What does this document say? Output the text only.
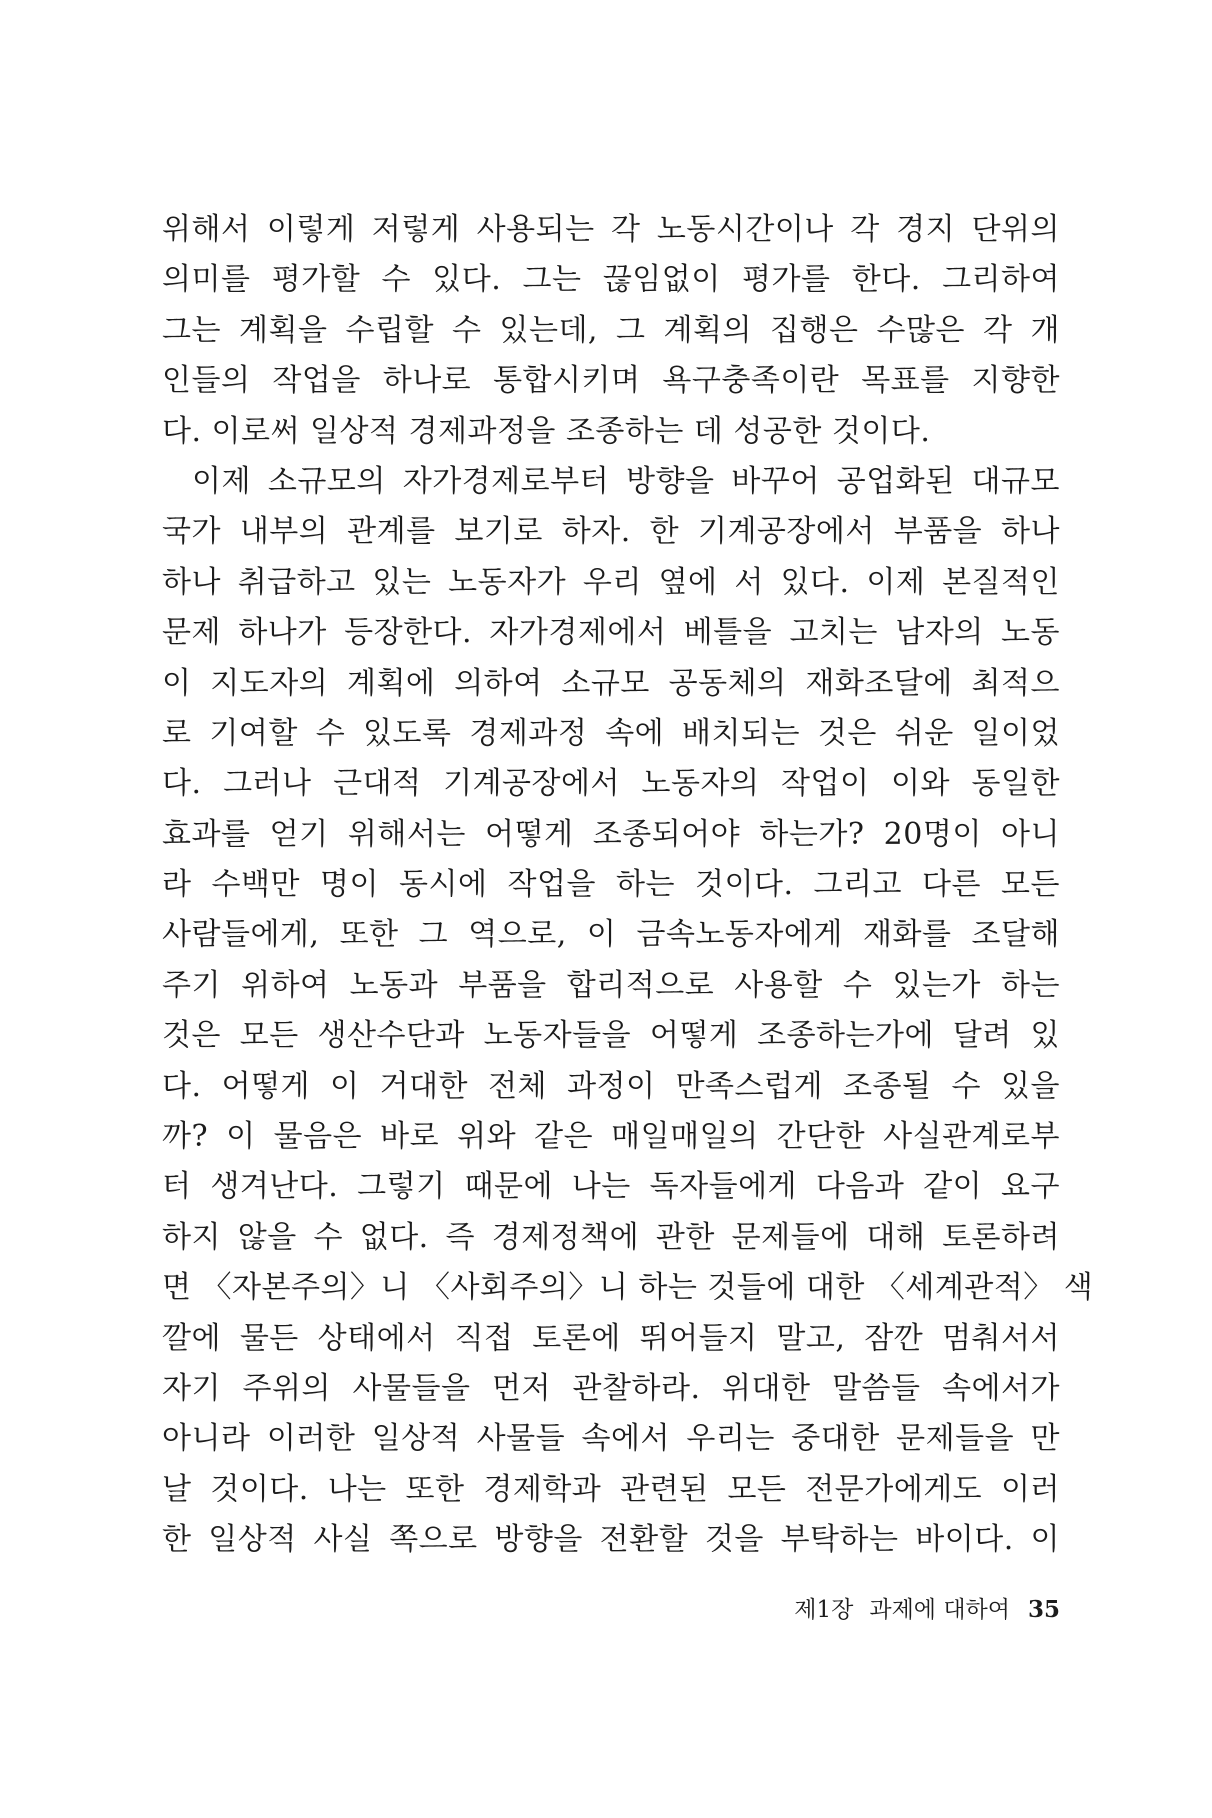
위해서 이렇게 저렇게 사용되는 각 노동시간이나 각 경지 단위의
의미를 평가할 수 있다. 그는 끊임없이 평가를 한다. 그리하여
그는 계획을 수립할 수 있는데, 그 계획의 집행은 수많은 각 개
인들의 작업을 하나로 통합시키며 욕구충족이란 목표를 지향한
다. 이로써 일상적 경제과정을 조종하는 데 성공한 것이다.
이제 소규모의 자가경제로부터 방향을 바꾸어 공업화된 대규모
국가 내부의 관계를 보기로 하자. 한 기계공장에서 부품을 하나
하나 취급하고 있는 노동자가 우리 옆에 서 있다. 이제 본질적인
문제 하나가 등장한다. 자가경제에서 베틀을 고치는 남자의 노동
이 지도자의 계획에 의하여 소규모 공동체의 재화조달에 최적으
로 기여할 수 있도록 경제과정 속에 배치되는 것은 쉬운 일이었
다. 그러나 근대적 기계공장에서 노동자의 작업이 이와 동일한
효과를 얻기 위해서는 어떻게 조종되어야 하는가? 20명이 아니
라 수백만 명이 동시에 작업을 하는 것이다. 그리고 다른 모든
사람들에게, 또한 그 역으로, 이 금속노동자에게 재화를 조달해
주기 위하여 노동과 부품을 합리적으로 사용할 수 있는가 하는
것은 모든 생산수단과 노동자들을 어떻게 조종하는가에 달려 있
다. 어떻게 이 거대한 전체 과정이 만족스럽게 조종될 수 있을
까? 이 물음은 바로 위와 같은 매일매일의 간단한 사실관계로부
터 생겨난다. 그렇기 때문에 나는 독자들에게 다음과 같이 요구
하지 않을 수 없다. 즉 경제정책에 관한 문제들에 대해 토론하려
면 〈자본주의〉니 〈사회주의〉니 하는 것들에 대한 〈세계관적〉 색
깔에 물든 상태에서 직접 토론에 뛰어들지 말고, 잠깐 멈춰서서
자기 주위의 사물들을 먼저 관찰하라. 위대한 말씀들 속에서가
아니라 이러한 일상적 사물들 속에서 우리는 중대한 문제들을 만
날 것이다. 나는 또한 경제학과 관련된 모든 전문가에게도 이러
한 일상적 사실 쪽으로 방향을 전환할 것을 부탁하는 바이다. 이
제1장 과제에 대하여 35
